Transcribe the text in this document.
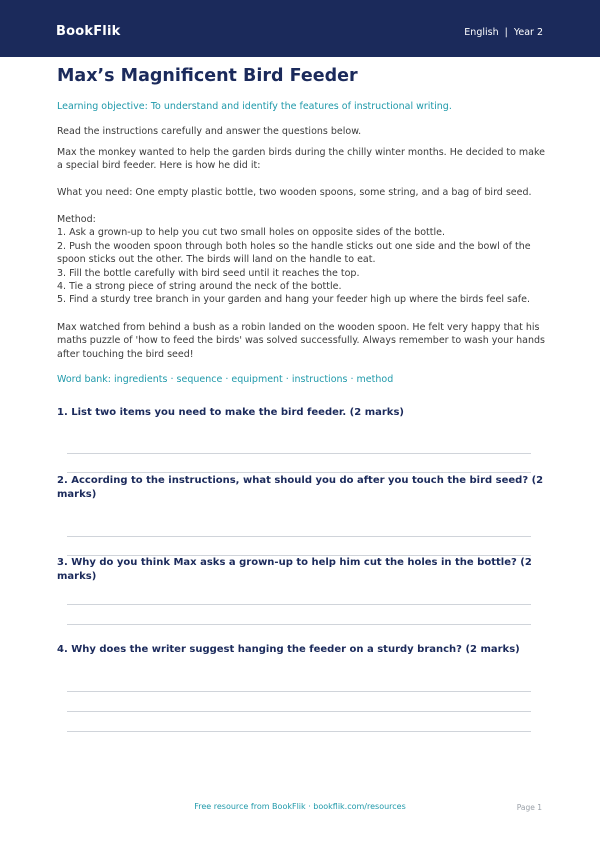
BookFlik	English | Year 2
Max’s Magnificent Bird Feeder
Learning objective: To understand and identify the features of instructional writing.

Read the instructions carefully and answer the questions below.

Max the monkey wanted to help the garden birds during the chilly winter months. He decided to make a special bird feeder. Here is how he did it:

What you need: One empty plastic bottle, two wooden spoons, some string, and a bag of bird seed.

Method:

1. Ask a grown-up to help you cut two small holes on opposite sides of the bottle.

2. Push the wooden spoon through both holes so the handle sticks out one side and the bowl of the spoon sticks out the other. The birds will land on the handle to eat.

3. Fill the bottle carefully with bird seed until it reaches the top.

4. Tie a strong piece of string around the neck of the bottle.

5. Find a sturdy tree branch in your garden and hang your feeder high up where the birds feel safe.

Max watched from behind a bush as a robin landed on the wooden spoon. He felt very happy that his maths puzzle of 'how to feed the birds' was solved successfully. Always remember to wash your hands after touching the bird seed!

Word bank: ingredients · sequence · equipment · instructions · method
1. List two items you need to make the bird feeder. (2 marks)
2. According to the instructions, what should you do after you touch the bird seed? (2 marks)
3. Why do you think Max asks a grown-up to help him cut the holes in the bottle? (2 marks)
4. Why does the writer suggest hanging the feeder on a sturdy branch? (2 marks)
Free resource from BookFlik · bookflik.com/resources	Page 1
